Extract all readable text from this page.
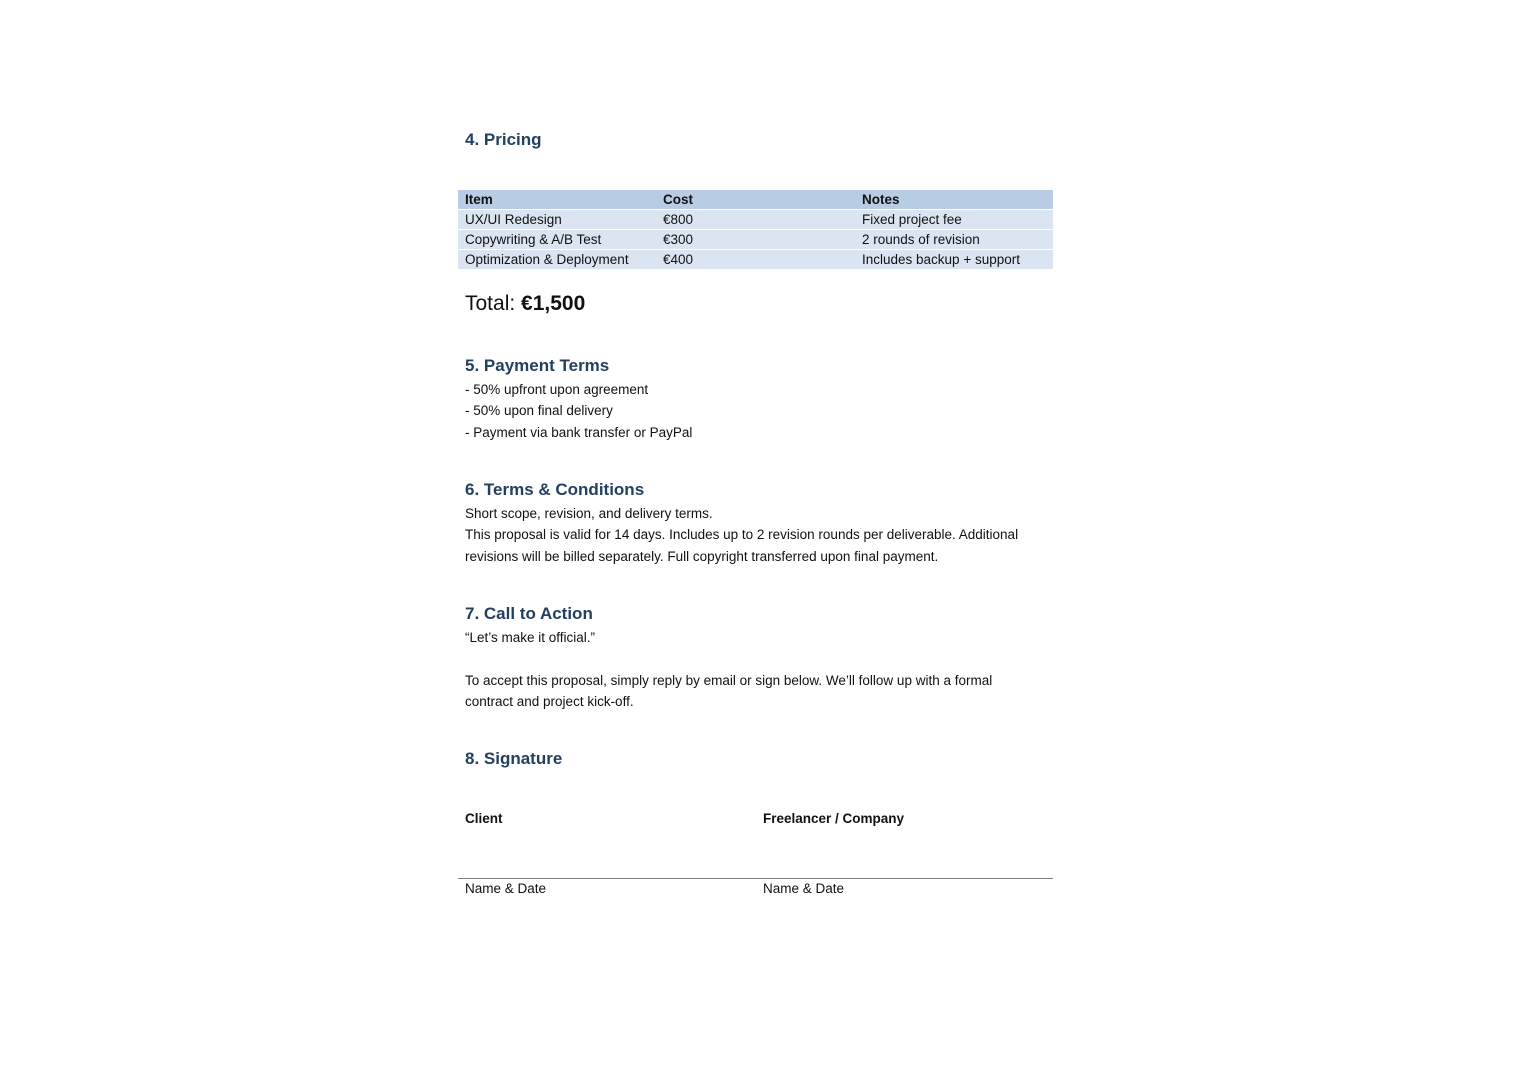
4. Pricing
Item	Cost	Notes
UX/UI Redesign	€800	Fixed project fee
Copywriting & A/B Test	€300	2 rounds of revision
Optimization & Deployment	€400	Includes backup + support
Total: €1,500
5. Payment Terms

- 50% upfront upon agreement

- 50% upon final delivery

- Payment via bank transfer or PayPal

6. Terms & Conditions

Short scope, revision, and delivery terms.

This proposal is valid for 14 days. Includes up to 2 revision rounds per deliverable. Additional

revisions will be billed separately. Full copyright transferred upon final payment.

7. Call to Action

“Let’s make it official.”

To accept this proposal, simply reply by email or sign below. We’ll follow up with a formal

contract and project kick-off.

8. Signature
Client	Freelancer / Company
Name & Date	Name & Date
